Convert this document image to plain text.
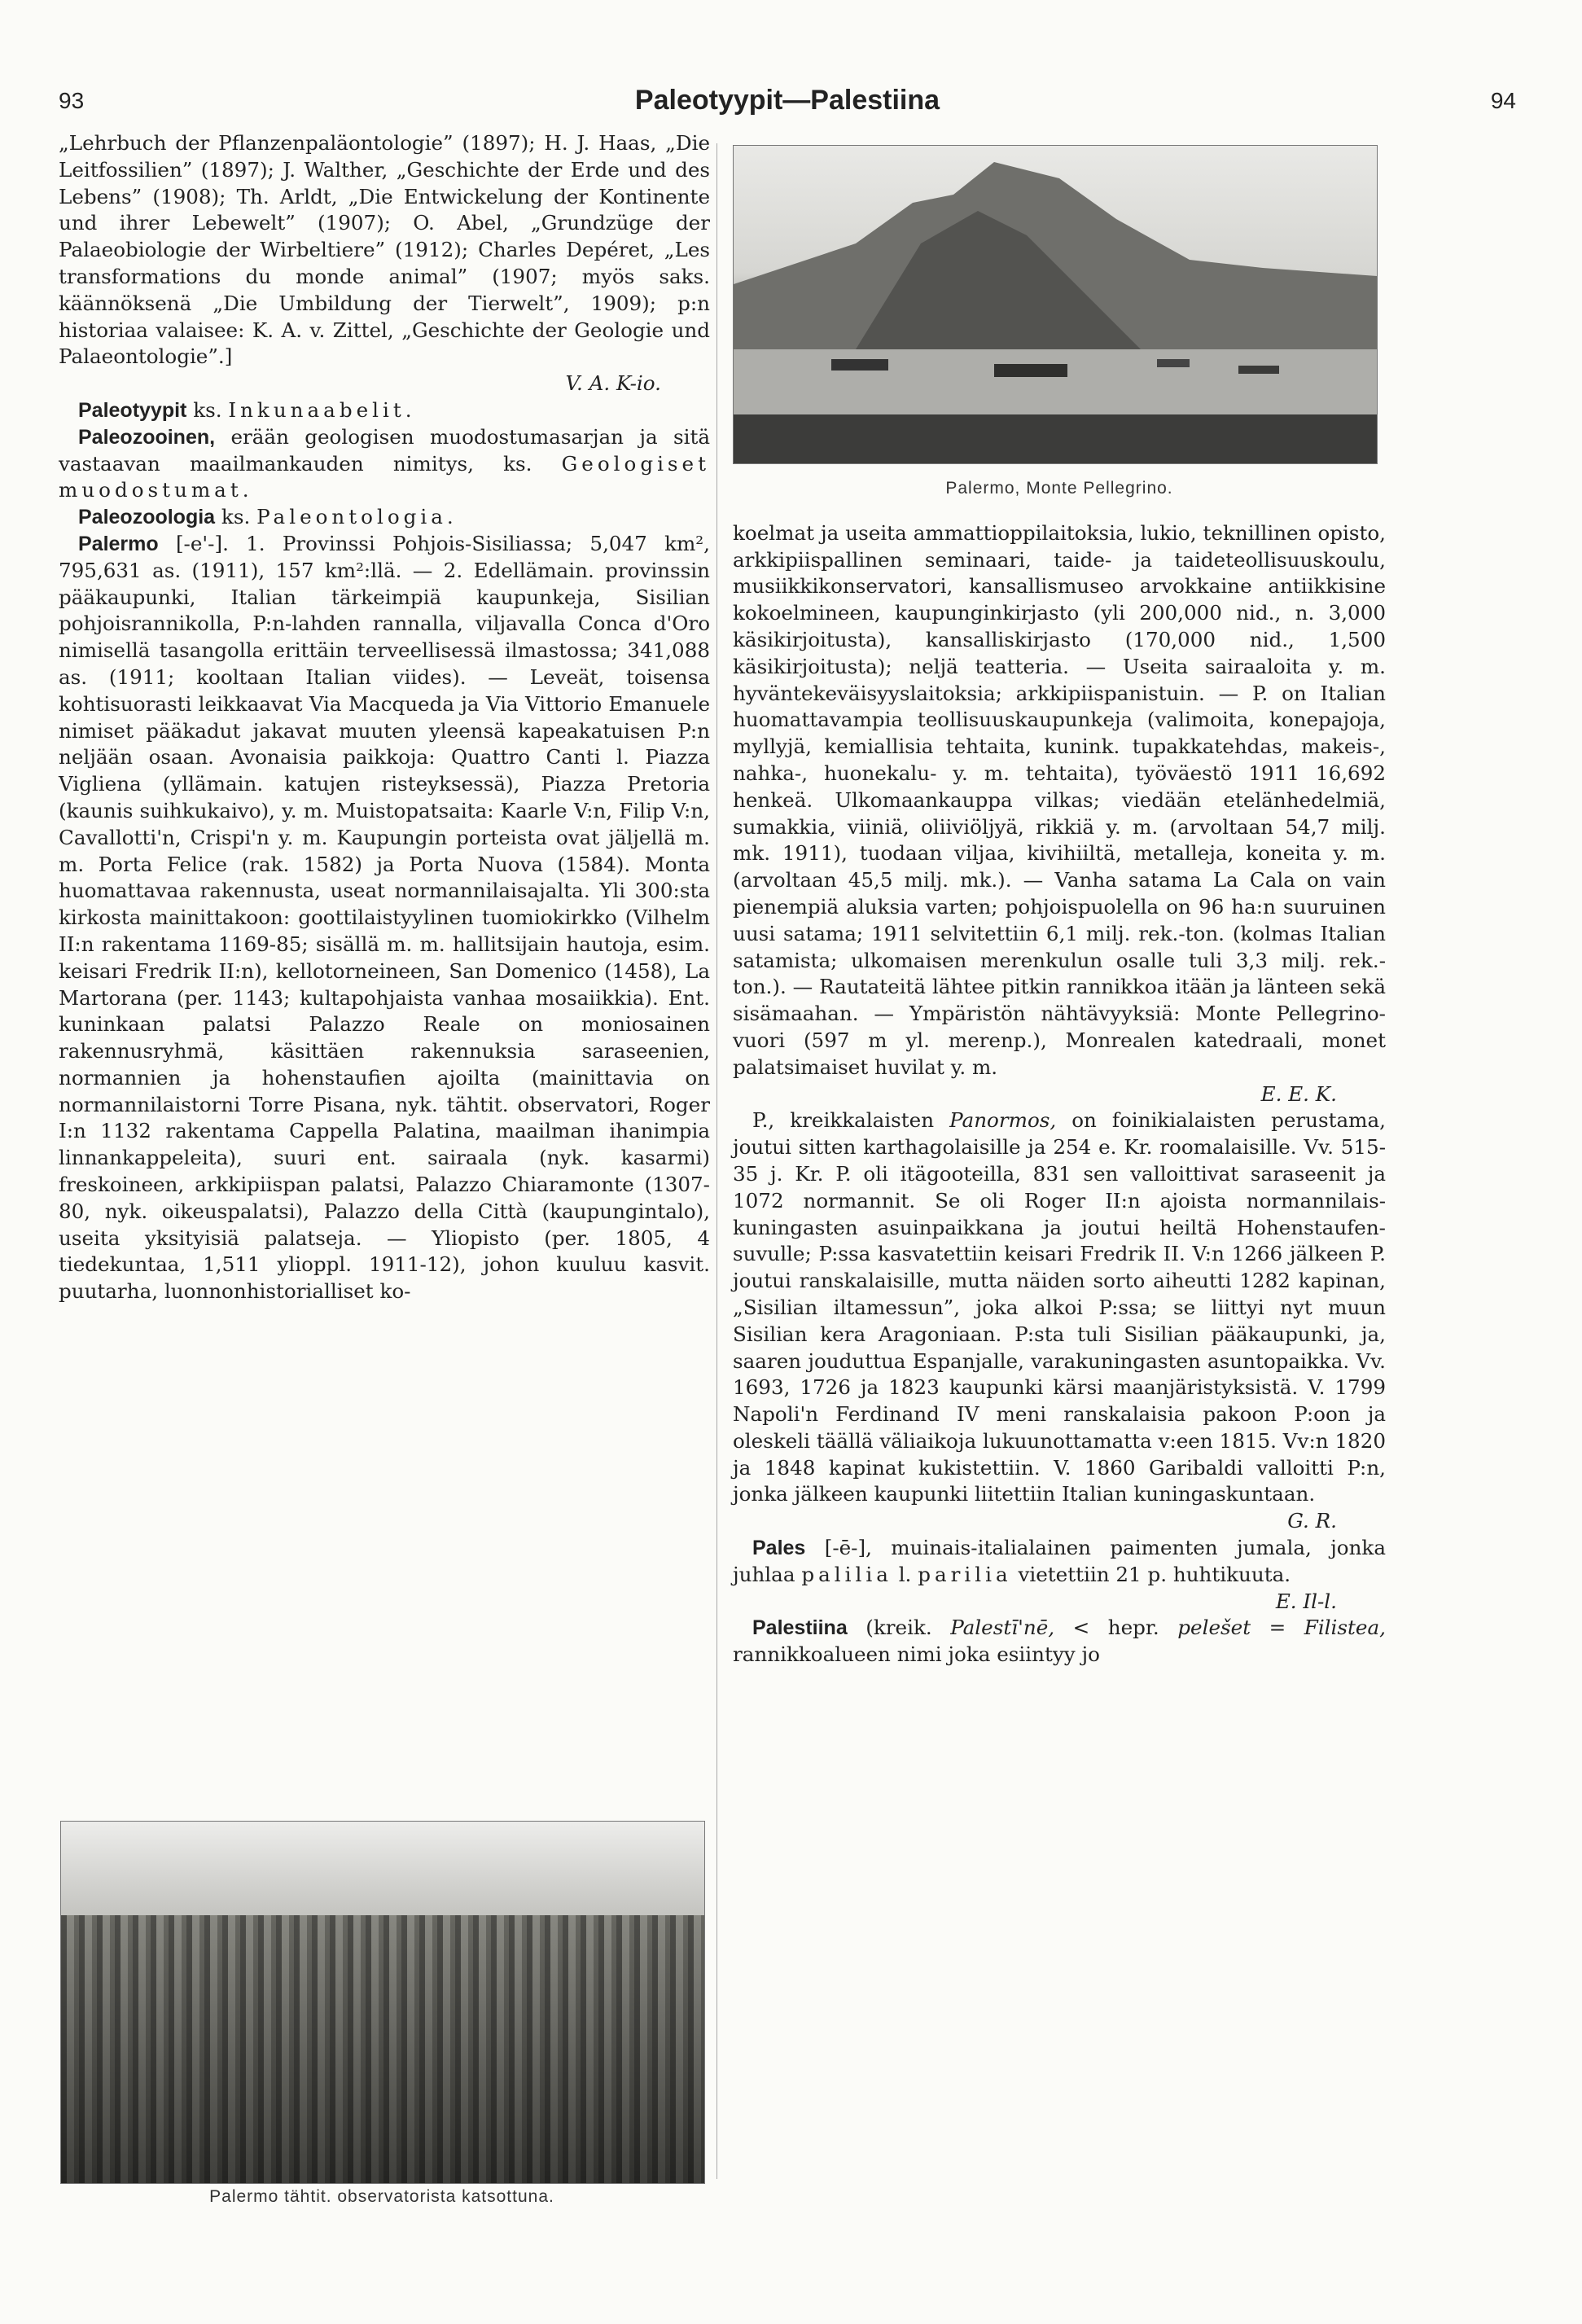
93	Paleotyypit—Palestiina	94

„Lehrbuch der Pflanzenpaläontologie” (1897); H. J. Haas, „Die Leitfossilien” (1897); J. Walther, „Geschichte der Erde und des Lebens” (1908); Th. Arldt, „Die Entwickelung der Kontinente und ihrer Lebewelt” (1907); O. Abel, „Grundzüge der Palaeobiologie der Wirbeltiere” (1912); Charles Depéret, „Les transformations du monde animal” (1907; myös saks. käännöksenä „Die Umbildung der Tierwelt”, 1909); p:n historiaa valaisee: K. A. v. Zittel, „Geschichte der Geologie und Palaeontologie”.]
V. A. K-io.

Paleotyypit ks. Inkunaabelit.

Paleozooinen, erään geologisen muodostumasarjan ja sitä vastaavan maailmankauden nimitys, ks. Geologiset muodostumat.

Paleozoologia ks. Paleontologia.

Palermo [-e'-]. 1. Provinssi Pohjois-Sisiliassa; 5,047 km², 795,631 as. (1911), 157 km²:llä. — 2. Edellämain. provinssin pääkaupunki, Italian tärkeimpiä kaupunkeja, Sisilian pohjoisrannikolla, P:n-lahden rannalla, viljavalla Conca d'Oro nimisellä tasangolla erittäin terveellisessä ilmastossa; 341,088 as. (1911; kooltaan Italian viides). — Leveät, toisensa kohtisuorasti leikkaavat Via Macqueda ja Via Vittorio Emanuele nimiset pääkadut jakavat muuten yleensä kapeakatuisen P:n neljään osaan. Avonaisia paikkoja: Quattro Canti l. Piazza Vigliena (yllämain. katujen risteyksessä), Piazza Pretoria (kaunis suihkukaivo), y. m. Muistopatsaita: Kaarle V:n, Filip V:n, Cavallotti'n, Crispi'n y. m. Kaupungin porteista ovat jäljellä m. m. Porta Felice (rak. 1582) ja Porta Nuova (1584). Monta huomattavaa rakennusta, useat normannilaisajalta. Yli 300:sta kirkosta mainittakoon: goottilaistyylinen tuomiokirkko (Vilhelm II:n rakentama 1169-85; sisällä m. m. hallitsijain hautoja, esim. keisari Fredrik II:n), kellotorneineen, San Domenico (1458), La Martorana (per. 1143; kultapohjaista vanhaa mosaiikkia). Ent. kuninkaan palatsi Palazzo Reale on moniosainen rakennusryhmä, käsittäen rakennuksia saraseenien, normannien ja hohenstaufien ajoilta (mainittavia on normannilaistorni Torre Pisana, nyk. tähtit. observatori, Roger I:n 1132 rakentama Cappella Palatina, maailman ihanimpia linnankappeleita), suuri ent. sairaala (nyk. kasarmi) freskoineen, arkkipiispan palatsi, Palazzo Chiaramonte (1307-80, nyk. oikeuspalatsi), Palazzo della Città (kaupungintalo), useita yksityisiä palatseja. — Yliopisto (per. 1805, 4 tiedekuntaa, 1,511 ylioppl. 1911-12), johon kuuluu kasvit. puutarha, luonnonhistorialliset ko-

Palermo tähtit. observatorista katsottuna.
Palermo, Monte Pellegrino.

koelmat ja useita ammattioppilaitoksia, lukio, teknillinen opisto, arkkipiispallinen seminaari, taide- ja taideteollisuuskoulu, musiikkikonservatori, kansallismuseo arvokkaine antiikkisine kokoelmineen, kaupunginkirjasto (yli 200,000 nid., n. 3,000 käsikirjoitusta), kansalliskirjasto (170,000 nid., 1,500 käsikirjoitusta); neljä teatteria. — Useita sairaaloita y. m. hyväntekeväisyyslaitoksia; arkkipiispanistuin. — P. on Italian huomattavampia teollisuuskaupunkeja (valimoita, konepajoja, myllyjä, kemiallisia tehtaita, kunink. tupakkatehdas, makeis-, nahka-, huonekalu- y. m. tehtaita), työväestö 1911 16,692 henkeä. Ulkomaankauppa vilkas; viedään etelänhedelmiä, sumakkia, viiniä, oliiviöljyä, rikkiä y. m. (arvoltaan 54,7 milj. mk. 1911), tuodaan viljaa, kivihiiltä, metalleja, koneita y. m. (arvoltaan 45,5 milj. mk.). — Vanha satama La Cala on vain pienempiä aluksia varten; pohjoispuolella on 96 ha:n suuruinen uusi satama; 1911 selvitettiin 6,1 milj. rek.-ton. (kolmas Italian satamista; ulkomaisen merenkulun osalle tuli 3,3 milj. rek.-ton.). — Rautateitä lähtee pitkin rannikkoa itään ja länteen sekä sisämaahan. — Ympäristön nähtävyyksiä: Monte Pellegrino-vuori (597 m yl. merenp.), Monrealen katedraali, monet palatsimaiset huvilat y. m.
E. E. K.

P., kreikkalaisten Panormos, on foinikialaisten perustama, joutui sitten karthagolaisille ja 254 e. Kr. roomalaisille. Vv. 515-35 j. Kr. P. oli itägooteilla, 831 sen valloittivat saraseenit ja 1072 normannit. Se oli Roger II:n ajoista normannilais-kuningasten asuinpaikkana ja joutui heiltä Hohenstaufen-suvulle; P:ssa kasvatettiin keisari Fredrik II. V:n 1266 jälkeen P. joutui ranskalaisille, mutta näiden sorto aiheutti 1282 kapinan, „Sisilian iltamessun”, joka alkoi P:ssa; se liittyi nyt muun Sisilian kera Aragoniaan. P:sta tuli Sisilian pääkaupunki, ja, saaren jouduttua Espanjalle, varakuningasten asuntopaikka. Vv. 1693, 1726 ja 1823 kaupunki kärsi maanjäristyksistä. V. 1799 Napoli'n Ferdinand IV meni ranskalaisia pakoon P:oon ja oleskeli täällä väliaikoja lukuunottamatta v:een 1815. Vv:n 1820 ja 1848 kapinat kukistettiin. V. 1860 Garibaldi valloitti P:n, jonka jälkeen kaupunki liitettiin Italian kuningaskuntaan.
G. R.

Pales [-ē-], muinais-italialainen paimenten jumala, jonka juhlaa palilia l. parilia vietettiin 21 p. huhtikuuta.
E. Il-l.

Palestiina (kreik. Palestī'nē, < hepr. pelešet = Filistea, rannikkoalueen nimi joka esiintyy jo
